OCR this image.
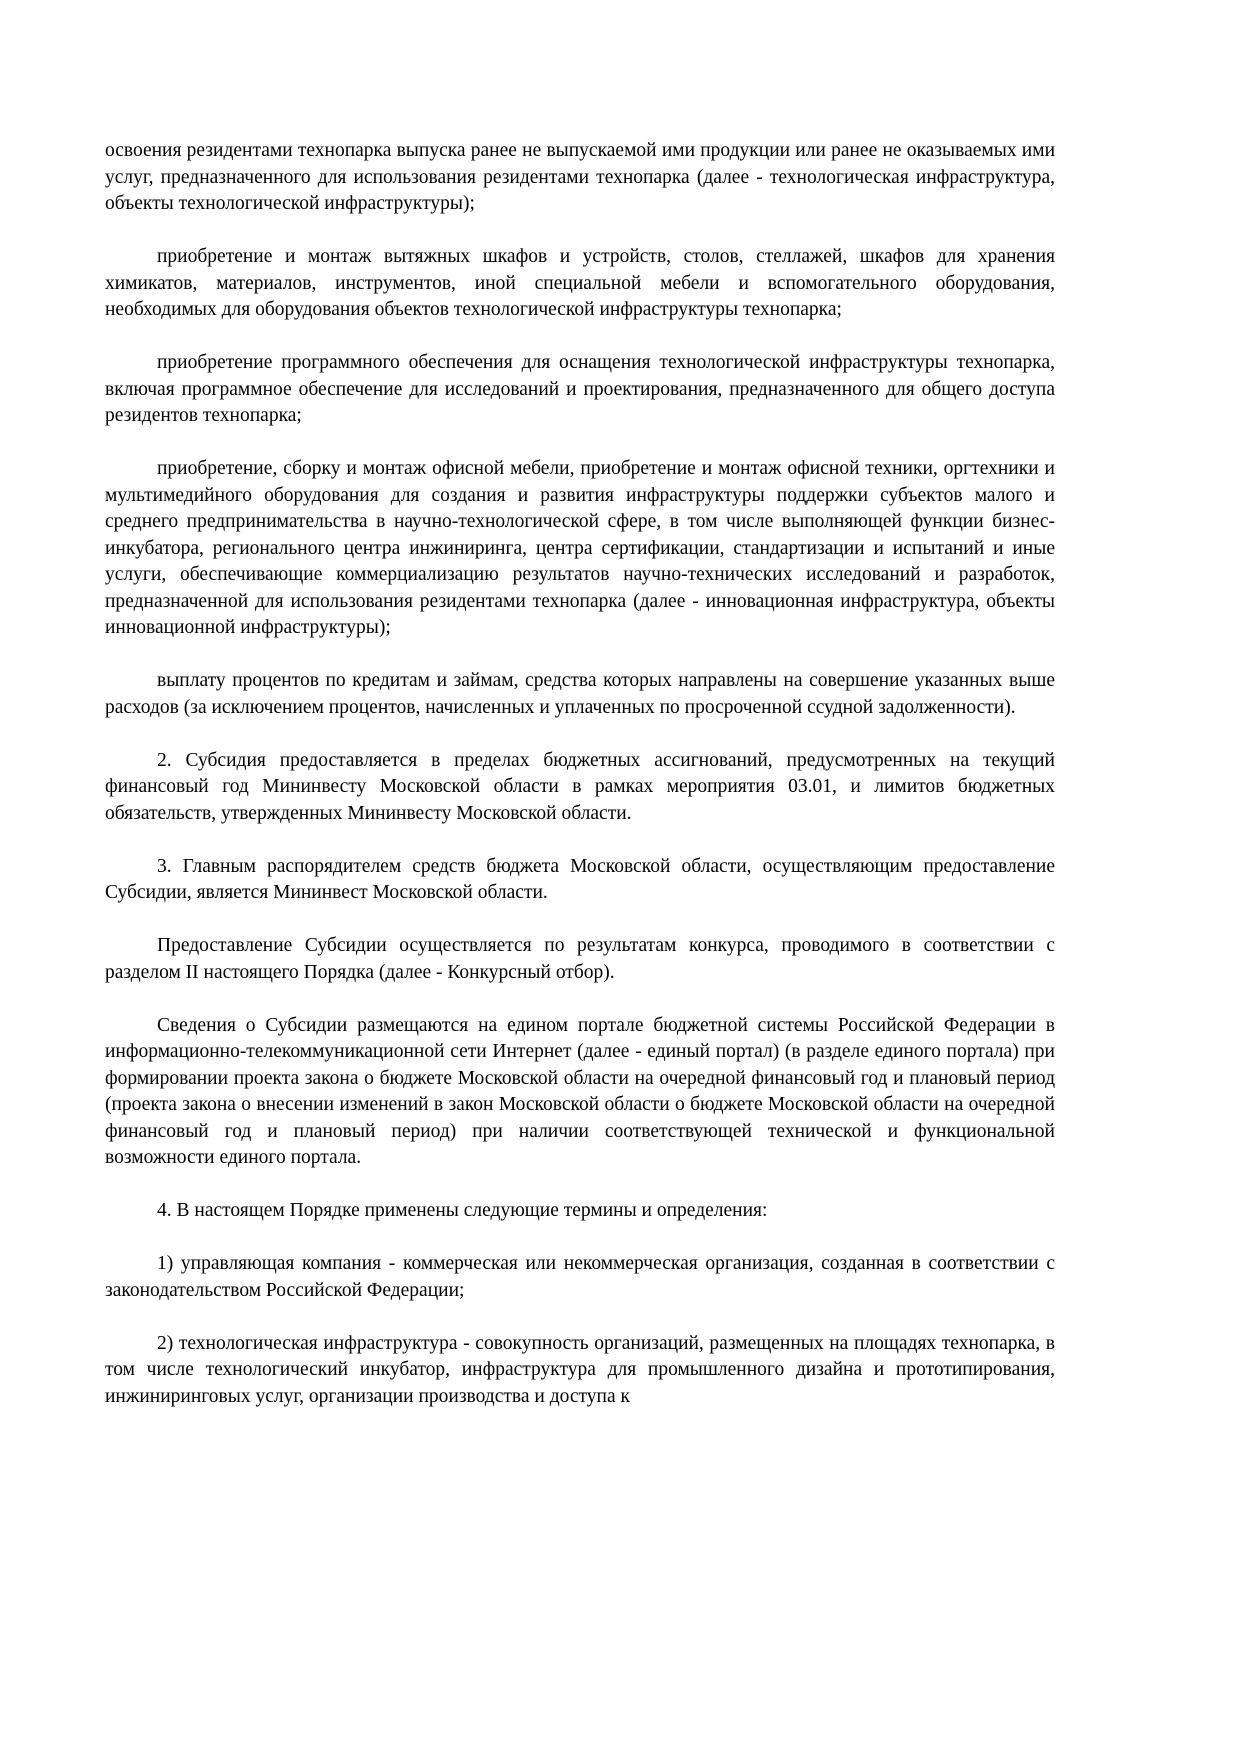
освоения резидентами технопарка выпуска ранее не выпускаемой ими продукции или ранее не оказываемых ими услуг, предназначенного для использования резидентами технопарка (далее - технологическая инфраструктура, объекты технологической инфраструктуры);

приобретение и монтаж вытяжных шкафов и устройств, столов, стеллажей, шкафов для хранения химикатов, материалов, инструментов, иной специальной мебели и вспомогательного оборудования, необходимых для оборудования объектов технологической инфраструктуры технопарка;

приобретение программного обеспечения для оснащения технологической инфраструктуры технопарка, включая программное обеспечение для исследований и проектирования, предназначенного для общего доступа резидентов технопарка;

приобретение, сборку и монтаж офисной мебели, приобретение и монтаж офисной техники, оргтехники и мультимедийного оборудования для создания и развития инфраструктуры поддержки субъектов малого и среднего предпринимательства в научно-технологической сфере, в том числе выполняющей функции бизнес-инкубатора, регионального центра инжиниринга, центра сертификации, стандартизации и испытаний и иные услуги, обеспечивающие коммерциализацию результатов научно-технических исследований и разработок, предназначенной для использования резидентами технопарка (далее - инновационная инфраструктура, объекты инновационной инфраструктуры);

выплату процентов по кредитам и займам, средства которых направлены на совершение указанных выше расходов (за исключением процентов, начисленных и уплаченных по просроченной ссудной задолженности).

2. Субсидия предоставляется в пределах бюджетных ассигнований, предусмотренных на текущий финансовый год Мининвесту Московской области в рамках мероприятия 03.01, и лимитов бюджетных обязательств, утвержденных Мининвесту Московской области.

3. Главным распорядителем средств бюджета Московской области, осуществляющим предоставление Субсидии, является Мининвест Московской области.

Предоставление Субсидии осуществляется по результатам конкурса, проводимого в соответствии с разделом II настоящего Порядка (далее - Конкурсный отбор).

Сведения о Субсидии размещаются на едином портале бюджетной системы Российской Федерации в информационно-телекоммуникационной сети Интернет (далее - единый портал) (в разделе единого портала) при формировании проекта закона о бюджете Московской области на очередной финансовый год и плановый период (проекта закона о внесении изменений в закон Московской области о бюджете Московской области на очередной финансовый год и плановый период) при наличии соответствующей технической и функциональной возможности единого портала.

4. В настоящем Порядке применены следующие термины и определения:

1) управляющая компания - коммерческая или некоммерческая организация, созданная в соответствии с законодательством Российской Федерации;

2) технологическая инфраструктура - совокупность организаций, размещенных на площадях технопарка, в том числе технологический инкубатор, инфраструктура для промышленного дизайна и прототипирования, инжиниринговых услуг, организации производства и доступа к
